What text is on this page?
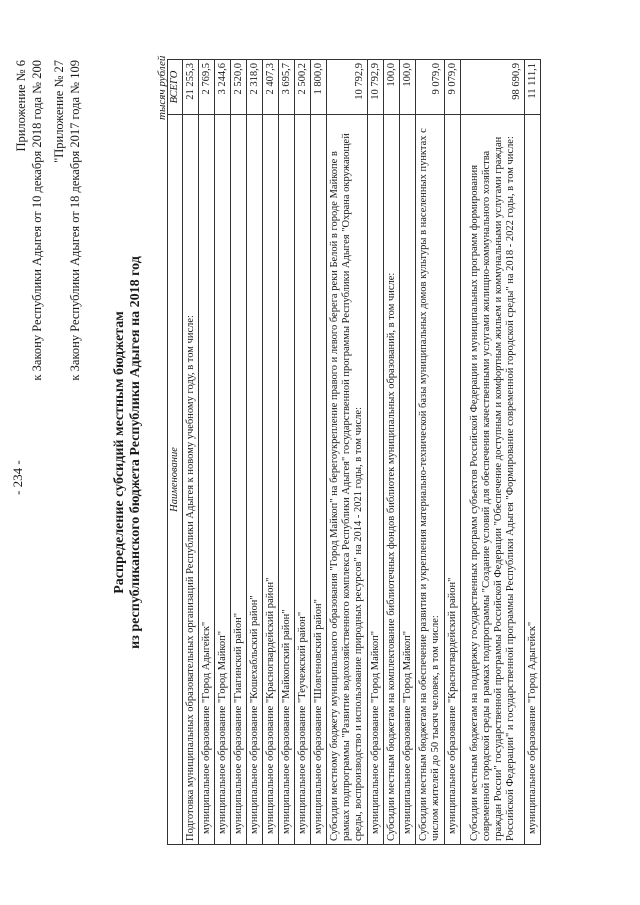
- 234 -
Приложение № 6 к Закону Республики Адыгея от 10 декабря 2018 года № 200 "Приложение № 27 к Закону Республики Адыгея от 18 декабря 2017 года № 109
Распределение субсидий местным бюджетам из республиканского бюджета Республики Адыгея на 2018 год
тысяч рублей
Наименование	ВСЕГО
Подготовка муниципальных образовательных организаций Республики Адыгея к новому учебному году, в том числе:	21 255,3
муниципальное образование "Город Адыгейск"	2 769,5
муниципальное образование "Город Майкоп"	3 244,6
муниципальное образование "Гиагинский район"	2 520,0
муниципальное образование "Кошехабльский район"	2 318,0
муниципальное образование "Красногвардейский район"	2 407,3
муниципальное образование "Майкопский район"	3 695,7
муниципальное образование "Теучежский район"	2 500,2
муниципальное образование "Шовгеновский район"	1 800,0
Субсидии местному бюджету муниципального образования "Город Майкоп" на берегоукрепление правого и левого берега реки Белой в городе Майкопе в рамках подпрограммы "Развитие водохозяйственного комплекса Республики Адыгея" государственной программы Республики Адыгея "Охрана окружающей среды, воспроизводство и использование природных ресурсов" на 2014 - 2021 годы, в том числе:	10 792,9
муниципальное образование "Город Майкоп"	10 792,9
Субсидии местным бюджетам на комплектование библиотечных фондов библиотек муниципальных образований, в том числе:	100,0
муниципальное образование "Город Майкоп"	100,0
Субсидии местным бюджетам на обеспечение развития и укрепления материально-технической базы муниципальных домов культуры в населенных пунктах с числом жителей до 50 тысяч человек, в том числе:	9 079,0
муниципальное образование "Красногвардейский район"	9 079,0
Субсидии местным бюджетам на поддержку государственных программ субъектов Российской Федерации и муниципальных программ формирования современной городской среды в рамках подпрограммы "Создание условий для обеспечения качественными услугами жилищно-коммунального хозяйства граждан России" государственной программы Российской Федерации "Обеспечение доступным и комфортным жильем и коммунальными услугами граждан Российской Федерации" и государственной программы Республики Адыгея "Формирование современной городской среды" на 2018 - 2022 годы, в том числе:	98 690,9
муниципальное образование "Город Адыгейск"	11 111,1
